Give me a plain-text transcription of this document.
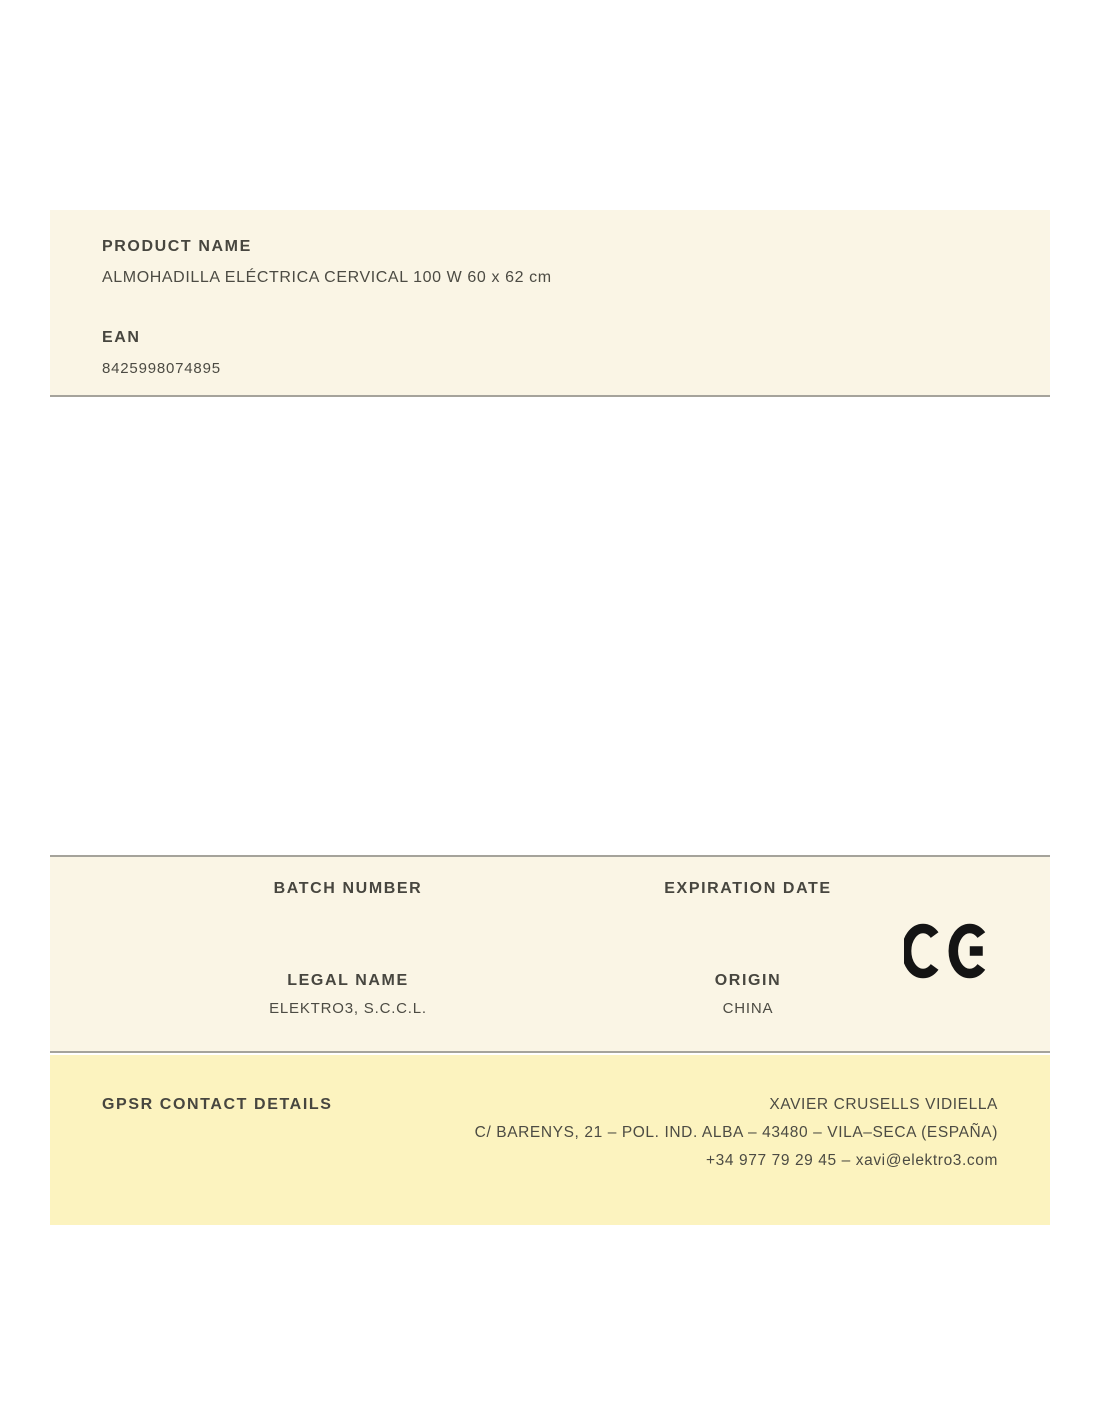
PRODUCT NAME
ALMOHADILLA ELÉCTRICA CERVICAL 100 W 60 x 62 cm
EAN
8425998074895
BATCH NUMBER	EXPIRATION DATE
LEGAL NAME
ELEKTRO3, S.C.C.L.
ORIGIN
CHINA
GPSR CONTACT DETAILS	XAVIER CRUSELLS VIDIELLA
C/ BARENYS, 21 – POL. IND. ALBA – 43480 – VILA–SECA (ESPAÑA)
+34 977 79 29 45 – xavi@elektro3.com
